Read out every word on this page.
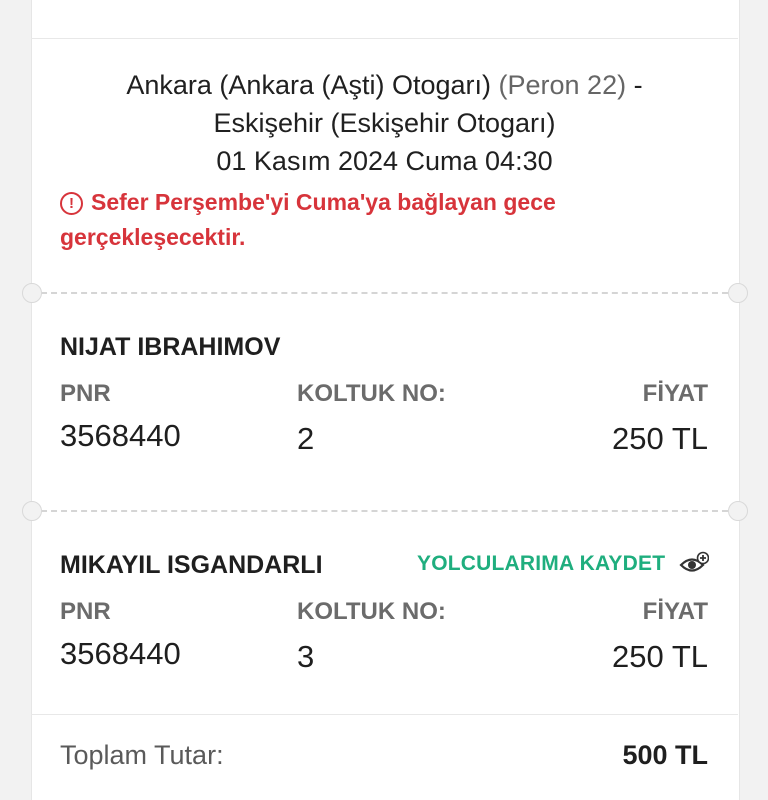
Ankara (Ankara (Aşti) Otogarı) (Peron 22) -
Eskişehir (Eskişehir Otogarı)
01 Kasım 2024 Cuma 04:30
! Sefer Perşembe'yi Cuma'ya bağlayan gece gerçekleşecektir.
NIJAT IBRAHIMOV
PNR	KOLTUK NO:	FİYAT
3568440	2	250 TL
MIKAYIL ISGANDARLI	YOLCULARIMA KAYDET
PNR	KOLTUK NO:	FİYAT
3568440	3	250 TL
Toplam Tutar:	500 TL
